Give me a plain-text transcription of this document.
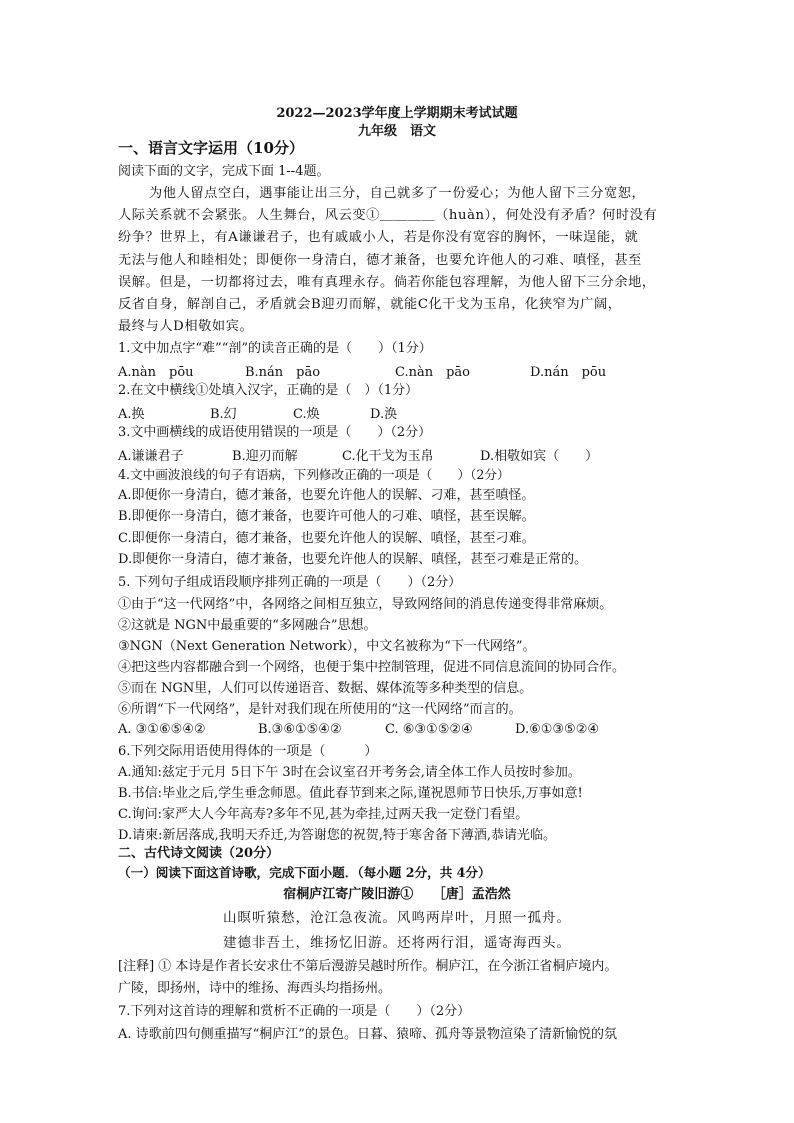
2022—2023学年度上学期期末考试试题
九年级　语文
一、语言文字运用（10分）
阅读下面的文字，完成下面 1--4题。
为他人留点空白，遇事能让出三分，自己就多了一份爱心；为他人留下三分宽恕，
人际关系就不会紧张。人生舞台，风云变①＿＿＿＿（huàn），何处没有矛盾？何时没有
纷争？世界上，有A谦谦君子，也有戚戚小人，若是你没有宽容的胸怀，一味逞能，就
无法与他人和睦相处；即便你一身清白，德才兼备，也要允许他人的刁难、嗔怪，甚至
误解。但是，一切都将过去，唯有真理永存。倘若你能包容理解，为他人留下三分余地，
反省自身，解剖自己，矛盾就会B迎刃而解，就能C化干戈为玉帛，化狭窄为广阔，
最终与人D相敬如宾。
1.文中加点字“难”“剖”的读音正确的是（　　）（1分）
A.nàn　pōu	B.nán　pāo	C.nàn　pāo	D.nán　pōu
2.在文中横线①处填入汉字，正确的是（　）（1分）
A.换	B.幻	C.焕	D.涣
3.文中画横线的成语使用错误的一项是（　　）（2分）
A.谦谦君子	B.迎刃而解	C.化干戈为玉帛	D.相敬如宾（　　）
4.文中画波浪线的句子有语病，下列修改正确的一项是（　　）（2分）
A.即便你一身清白，德才兼备，也要允许他人的误解、刁难，甚至嗔怪。
B.即便你一身清白，德才兼备，也要许可他人的刁难、嗔怪，甚至误解。
C.即便你一身清白，德才兼备，也要允许他人的误解、嗔怪，甚至刁难。
D.即便你一身清白，德才兼备，也要允许他人的误解、嗔怪，甚至刁难是正常的。
5. 下列句子组成语段顺序排列正确的一项是（　　）（2分）
①由于“这一代网络”中，各网络之间相互独立，导致网络间的消息传递变得非常麻烦。
②这就是 NGN中最重要的“多网融合”思想。
③NGN（Next Generation Network），中文名被称为“下一代网络”。
④把这些内容都融合到一个网络，也便于集中控制管理，促进不同信息流间的协同合作。
⑤而在 NGN里，人们可以传递语音、数据、媒体流等多种类型的信息。
⑥所谓“下一代网络”，是针对我们现在所使用的“这一代网络”而言的。
A. ③①⑥⑤④②	B.③⑥①⑤④②	C. ⑥③①⑤②④	D.⑥①③⑤②④
6.下列交际用语使用得体的一项是（　　　）
A.通知:兹定于元月 5日下午 3时在会议室召开考务会,请全体工作人员按时参加。
B.书信:毕业之后,学生垂念师恩。值此春节到来之际,谨祝恩师节日快乐,万事如意!
C.询问:家严大人今年高寿?多年不见,甚为牵挂,过两天我一定登门看望。
D.请柬:新居落成,我明天乔迁,为答谢您的祝贺,特于寒舍备下薄酒,恭请光临。
二、古代诗文阅读（20分）
（一）阅读下面这首诗歌，完成下面小题．（每小题 2分，共 4分）
宿桐庐江寄广陵旧游①　　［唐］孟浩然
山暝听猿愁，沧江急夜流。风鸣两岸叶，月照一孤舟。
建德非吾土，维扬忆旧游。还将两行泪，遥寄海西头。
[注释] ① 本诗是作者长安求仕不第后漫游吴越时所作。桐庐江，在今浙江省桐庐境内。
广陵，即扬州，诗中的维扬、海西头均指扬州。
7.下列对这首诗的理解和赏析不正确的一项是（　　）（2分）
A. 诗歌前四句侧重描写“桐庐江”的景色。日暮、猿啼、孤舟等景物渲染了清新愉悦的氛
